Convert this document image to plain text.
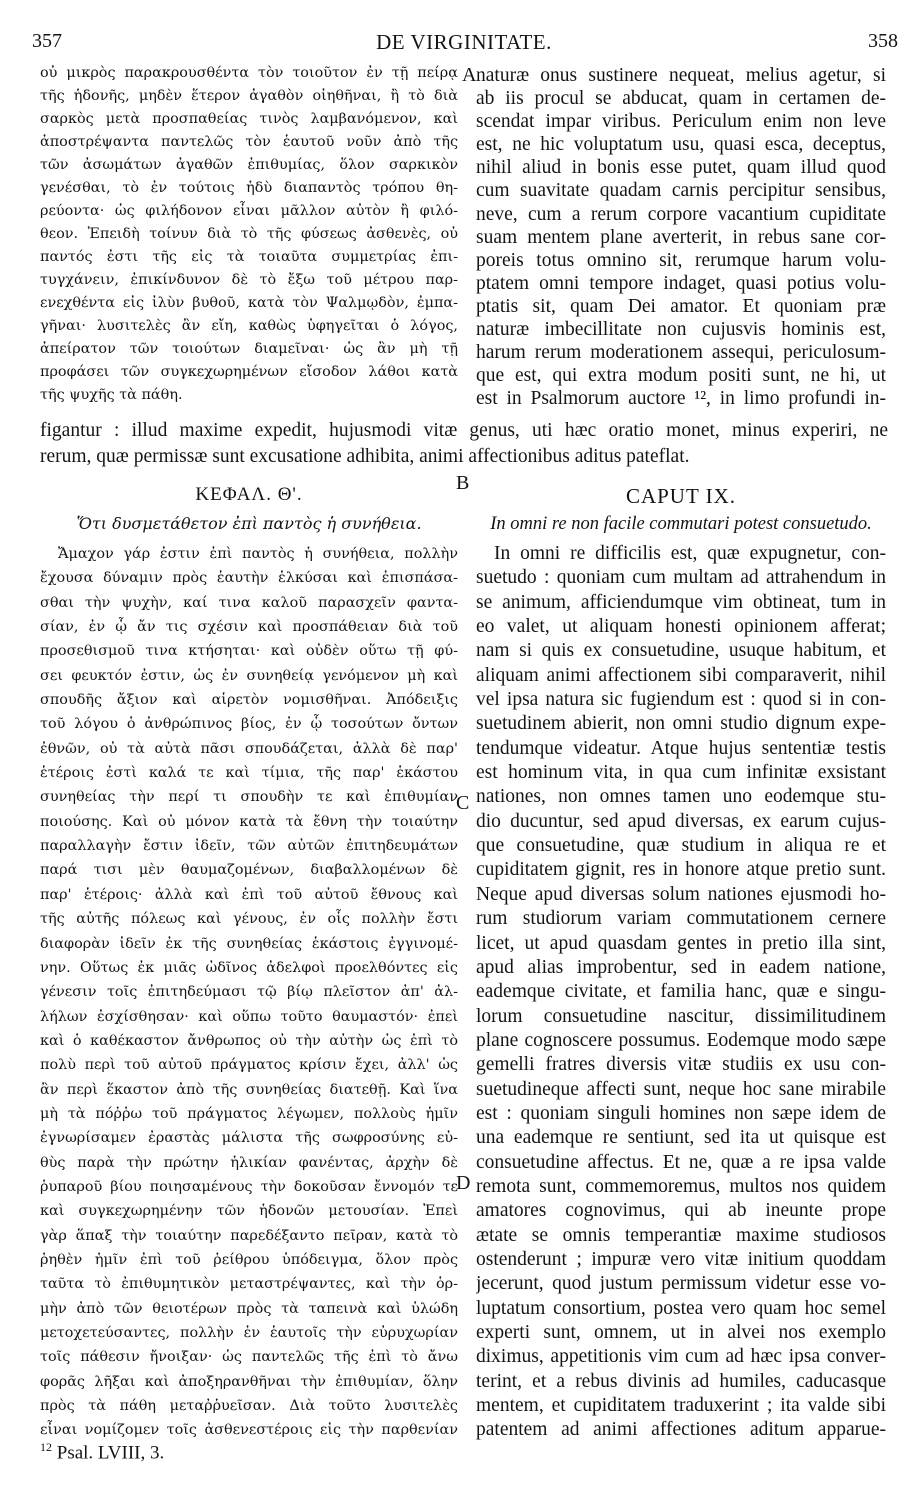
357	DE VIRGINITATE.	358
οὐ μικρὸς παρακρουσθέντα τὸν τοιοῦτον ἐν τῇ πείρᾳ
τῆς ἡδονῆς, μηδὲν ἕτερον ἀγαθὸν οἰηθῆναι, ἢ τὸ διὰ
σαρκὸς μετὰ προσπαθείας τινὸς λαμβανόμενον, καὶ
ἀποστρέψαντα παντελῶς τὸν ἑαυτοῦ νοῦν ἀπὸ τῆς
τῶν ἀσωμάτων ἀγαθῶν ἐπιθυμίας, ὅλον σαρκικὸν
γενέσθαι, τὸ ἐν τούτοις ἡδὺ διαπαντὸς τρόπου θη-
ρεύοντα· ὡς φιλήδονον εἶναι μᾶλλον αὐτὸν ἢ φιλό-
θεον. Ἐπειδὴ τοίνυν διὰ τὸ τῆς φύσεως ἀσθενὲς, οὐ
παντός ἐστι τῆς εἰς τὰ τοιαῦτα συμμετρίας ἐπι-
τυγχάνειν, ἐπικίνδυνον δὲ τὸ ἔξω τοῦ μέτρου παρ-
ενεχθέντα εἰς ἰλὺν βυθοῦ, κατὰ τὸν Ψαλμῳδὸν, ἐμπα-
γῆναι· λυσιτελὲς ἂν εἴη, καθὼς ὑφηγεῖται ὁ λόγος,
ἀπείρατον τῶν τοιούτων διαμεῖναι· ὡς ἂν μὴ τῇ
προφάσει τῶν συγκεχωρημένων εἴσοδον λάθοι κατὰ
τῆς ψυχῆς τὰ πάθη.
naturæ onus sustinere nequeat, melius agetur, si
ab iis procul se abducat, quam in certamen de-
scendat impar viribus. Periculum enim non leve
est, ne hic voluptatum usu, quasi esca, deceptus,
nihil aliud in bonis esse putet, quam illud quod
cum suavitate quadam carnis percipitur sensibus,
neve, cum a rerum corpore vacantium cupiditate
suam mentem plane averterit, in rebus sane cor-
poreis totus omnino sit, rerumque harum volu-
ptatem omni tempore indaget, quasi potius volu-
ptatis sit, quam Dei amator. Et quoniam præ
naturæ imbecillitate non cujusvis hominis est,
harum rerum moderationem assequi, periculosum-
que est, qui extra modum positi sunt, ne hi, ut
est in Psalmorum auctore ¹², in limo profundi in-
A
figantur : illud maxime expedit, hujusmodi vitæ genus, uti hæc oratio monet, minus experiri, ne
rerum, quæ permissæ sunt excusatione adhibita, animi affectionibus aditus pateflat.
B
ΚΕΦΑΛ. Θ'.	CAPUT IX.
Ὅτι δυσμετάθετον ἐπὶ παντὸς ἡ συνήθεια.	In omni re non facile commutari potest consuetudo.
Ἄμαχον γάρ ἐστιν ἐπὶ παντὸς ἡ συνήθεια, πολλὴν
ἔχουσα δύναμιν πρὸς ἑαυτὴν ἑλκύσαι καὶ ἐπισπάσα-
σθαι τὴν ψυχὴν, καί τινα καλοῦ παρασχεῖν φαντα-
σίαν, ἐν ᾧ ἄν τις σχέσιν καὶ προσπάθειαν διὰ τοῦ
προσεθισμοῦ τινα κτήσηται· καὶ οὐδὲν οὕτω τῇ φύ-
σει φευκτόν ἐστιν, ὡς ἐν συνηθείᾳ γενόμενον μὴ καὶ
σπουδῆς ἄξιον καὶ αἱρετὸν νομισθῆναι. Ἀπόδειξις
τοῦ λόγου ὁ ἀνθρώπινος βίος, ἐν ᾧ τοσούτων ὄντων
ἐθνῶν, οὐ τὰ αὐτὰ πᾶσι σπουδάζεται, ἀλλὰ δὲ παρ'
ἑτέροις ἐστὶ καλά τε καὶ τίμια, τῆς παρ' ἑκάστου
συνηθείας τὴν περί τι σπουδὴν τε καὶ ἐπιθυμίαν
ποιούσης. Καὶ οὐ μόνον κατὰ τὰ ἔθνη τὴν τοιαύτην
παραλλαγὴν ἔστιν ἰδεῖν, τῶν αὐτῶν ἐπιτηδευμάτων
παρά τισι μὲν θαυμαζομένων, διαβαλλομένων δὲ
παρ' ἑτέροις· ἀλλὰ καὶ ἐπὶ τοῦ αὐτοῦ ἔθνους καὶ
τῆς αὐτῆς πόλεως καὶ γένους, ἐν οἷς πολλὴν ἔστι
διαφορὰν ἰδεῖν ἐκ τῆς συνηθείας ἑκάστοις ἐγγινομέ-
νην. Οὕτως ἐκ μιᾶς ὠδῖνος ἀδελφοὶ προελθόντες εἰς
γένεσιν τοῖς ἐπιτηδεύμασι τῷ βίῳ πλεῖστον ἀπ' ἀλ-
λήλων ἐσχίσθησαν· καὶ οὕπω τοῦτο θαυμαστόν· ἐπεὶ
καὶ ὁ καθέκαστον ἄνθρωπος οὐ τὴν αὐτὴν ὡς ἐπὶ τὸ
πολὺ περὶ τοῦ αὐτοῦ πράγματος κρίσιν ἔχει, ἀλλ' ὡς
ἂν περὶ ἕκαστον ἀπὸ τῆς συνηθείας διατεθῇ. Καὶ ἵνα
μὴ τὰ πόῤῥω τοῦ πράγματος λέγωμεν, πολλοὺς ἡμῖν
ἐγνωρίσαμεν ἐραστὰς μάλιστα τῆς σωφροσύνης εὐ-
θὺς παρὰ τὴν πρώτην ἡλικίαν φανέντας, ἀρχὴν δὲ
ῥυπαροῦ βίου ποιησαμένους τὴν δοκοῦσαν ἔννομόν τε
καὶ συγκεχωρημένην τῶν ἡδονῶν μετουσίαν. Ἐπεὶ
γὰρ ἅπαξ τὴν τοιαύτην παρεδέξαντο πεῖραν, κατὰ τὸ
ῥηθὲν ἡμῖν ἐπὶ τοῦ ῥείθρου ὑπόδειγμα, ὅλον πρὸς
ταῦτα τὸ ἐπιθυμητικὸν μεταστρέψαντες, καὶ τὴν ὁρ-
μὴν ἀπὸ τῶν θειοτέρων πρὸς τὰ ταπεινὰ καὶ ὑλώδη
μετοχετεύσαντες, πολλὴν ἐν ἑαυτοῖς τὴν εὐρυχωρίαν
τοῖς πάθεσιν ἤνοιξαν· ὡς παντελῶς τῆς ἐπὶ τὸ ἄνω
φορᾶς λῆξαι καὶ ἀποξηρανθῆναι τὴν ἐπιθυμίαν, ὅλην
πρὸς τὰ πάθη μεταῤῥυεῖσαν. Διὰ τοῦτο λυσιτελὲς
εἶναι νομίζομεν τοῖς ἀσθενεστέροις εἰς τὴν παρθενίαν
In omni re difficilis est, quæ expugnetur, con-
suetudo : quoniam cum multam ad attrahendum in
se animum, afficiendumque vim obtineat, tum in
eo valet, ut aliquam honesti opinionem afferat;
nam si quis ex consuetudine, usuque habitum, et
aliquam animi affectionem sibi comparaverit, nihil
vel ipsa natura sic fugiendum est : quod si in con-
suetudinem abierit, non omni studio dignum expe-
tendumque videatur. Atque hujus sententiæ testis
est hominum vita, in qua cum infinitæ exsistant
nationes, non omnes tamen uno eodemque stu-
dio ducuntur, sed apud diversas, ex earum cujus-
que consuetudine, quæ studium in aliqua re et
cupiditatem gignit, res in honore atque pretio sunt.
Neque apud diversas solum nationes ejusmodi ho-
rum studiorum variam commutationem cernere
licet, ut apud quasdam gentes in pretio illa sint,
apud alias improbentur, sed in eadem natione,
eademque civitate, et familia hanc, quæ e singu-
lorum consuetudine nascitur, dissimilitudinem
plane cognoscere possumus. Eodemque modo sæpe
gemelli fratres diversis vitæ studiis ex usu con-
suetudineque affecti sunt, neque hoc sane mirabile
est : quoniam singuli homines non sæpe idem de
una eademque re sentiunt, sed ita ut quisque est
consuetudine affectus. Et ne, quæ a re ipsa valde
remota sunt, commemoremus, multos nos quidem
amatores cognovimus, qui ab ineunte prope
ætate se omnis temperantiæ maxime studiosos
ostenderunt ; impuræ vero vitæ initium quoddam
jecerunt, quod justum permissum videtur esse vo-
luptatum consortium, postea vero quam hoc semel
experti sunt, omnem, ut in alvei nos exemplo
diximus, appetitionis vim cum ad hæc ipsa conver-
terint, et a rebus divinis ad humiles, caducasque
mentem, et cupiditatem traduxerint ; ita valde sibi
patentem ad animi affectiones aditum apparue-
C
D
$^{12}$ Psal. LVIII, 3.
